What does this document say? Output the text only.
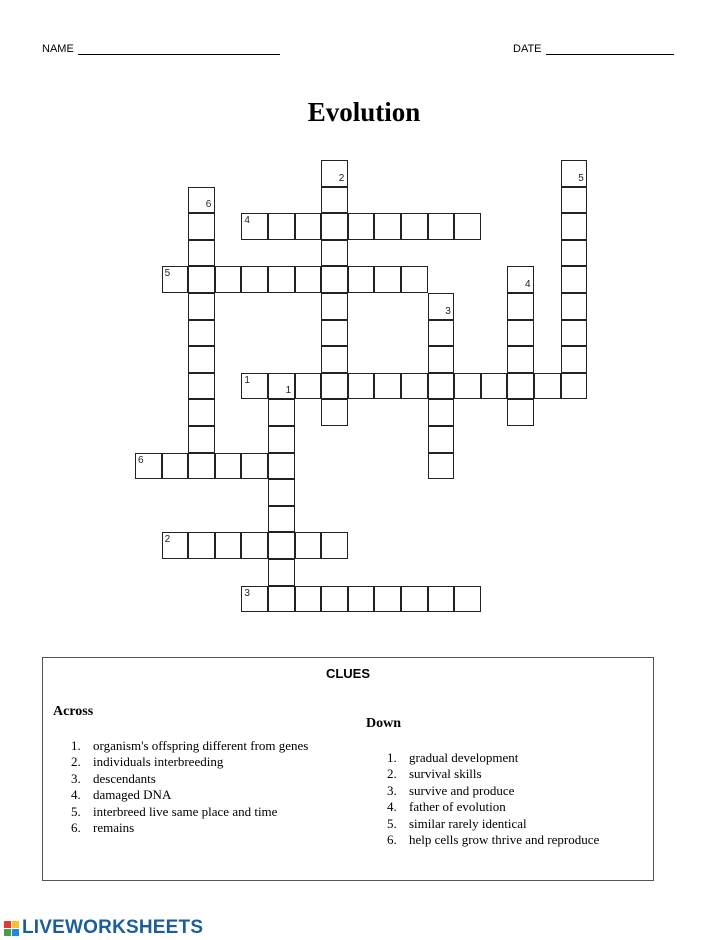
NAME	DATE
Evolution
1
2
3
4
5
6
1
2
3
4
5
6
CLUES
Across
1. organism's offspring different from genes
2. individuals interbreeding
3. descendants
4. damaged DNA
5. interbreed live same place and time
6. remains
Down
1. gradual development
2. survival skills
3. survive and produce
4. father of evolution
5. similar rarely identical
6. help cells grow thrive and reproduce
LIVEWORKSHEETS
